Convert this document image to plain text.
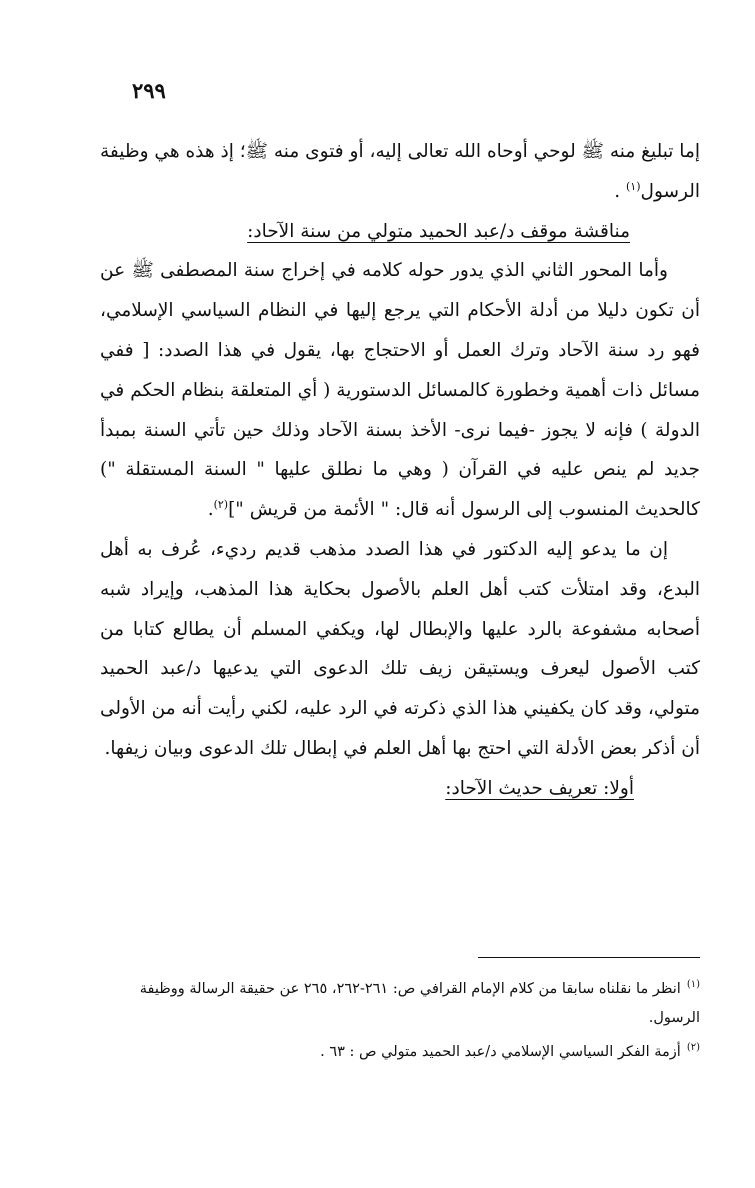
٢٩٩

إما تبليغ منه ﷺ لوحي أوحاه الله تعالى إليه، أو فتوى منه ﷺ؛ إذ هذه هي وظيفة الرسول$^{(١)}$ .

مناقشة موقف د/عبد الحميد متولي من سنة الآحاد:

وأما المحور الثاني الذي يدور حوله كلامه في إخراج سنة المصطفى ﷺ عن أن تكون دليلا من أدلة الأحكام التي يرجع إليها في النظام السياسي الإسلامي، فهو رد سنة الآحاد وترك العمل أو الاحتجاج بها، يقول في هذا الصدد: [ ففي مسائل ذات أهمية وخطورة كالمسائل الدستورية ( أي المتعلقة بنظام الحكم في الدولة ) فإنه لا يجوز -فيما نرى- الأخذ بسنة الآحاد وذلك حين تأتي السنة بمبدأ جديد لم ينص عليه في القرآن ( وهي ما نطلق عليها " السنة المستقلة ") كالحديث المنسوب إلى الرسول أنه قال: " الأئمة من قريش "]$^{(٢)}$.

إن ما يدعو إليه الدكتور في هذا الصدد مذهب قديم رديء، عُرف به أهل البدع، وقد امتلأت كتب أهل العلم بالأصول بحكاية هذا المذهب، وإيراد شبه أصحابه مشفوعة بالرد عليها والإبطال لها، ويكفي المسلم أن يطالع كتابا من كتب الأصول ليعرف ويستيقن زيف تلك الدعوى التي يدعيها د/عبد الحميد متولي، وقد كان يكفيني هذا الذي ذكرته في الرد عليه، لكني رأيت أنه من الأولى أن أذكر بعض الأدلة التي احتج بها أهل العلم في إبطال تلك الدعوى وبيان زيفها.

أولا: تعريف حديث الآحاد:

$^{(١)}$انظر ما نقلناه سابقا من كلام الإمام القرافي ص: ٢٦١-٢٦٢، ٢٦٥ عن حقيقة الرسالة ووظيفة الرسول.

$^{(٢)}$أزمة الفكر السياسي الإسلامي د/عبد الحميد متولي ص : ٦٣ .
